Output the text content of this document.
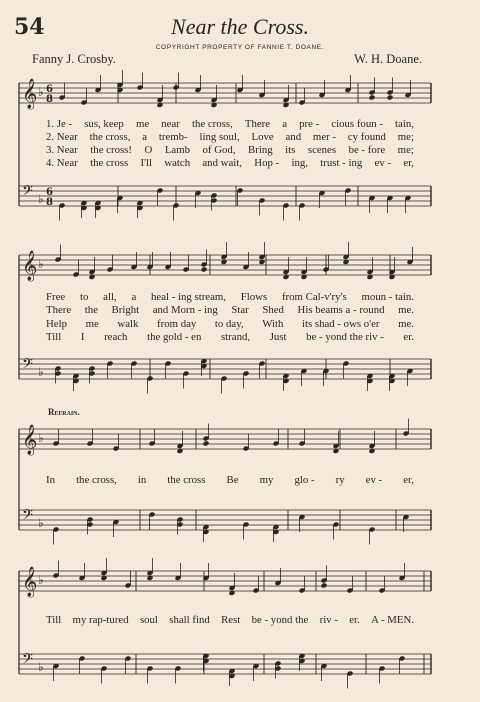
54	Near the Cross.
COPYRIGHT PROPERTY OF FANNIE T. DOANE.
Fanny J. Crosby.	W. H. Doane.
Refrain.
𝄞 ♭
𝄢 ♭
6
8
6
8
𝄞 ♭
𝄢 ♭
𝄞 ♭
𝄢 ♭
𝄞 ♭
𝄢 ♭
1. Je - sus, keep me near the cross, There a pre - cious foun - tain,
2. Near the cross, a tremb- ling soul, Love and mer - cy found me;
3. Near the cross! O Lamb of God, Bring its scenes be - fore me;
4. Near the cross I'll watch and wait, Hop - ing, trust - ing ev - er,
Free to all, a heal - ing stream, Flows from Cal-v'ry's moun - tain.
There the Bright and Morn - ing Star Shed His beams a - round me.
Help me walk from day to day, With its shad - ows o'er me.
Till I reach the gold - en strand, Just be - yond the riv - er.
In the cross, in the cross Be my glo - ry ev - er,
Till my rap-tured soul shall find Rest be - yond the riv - er. A - MEN.
